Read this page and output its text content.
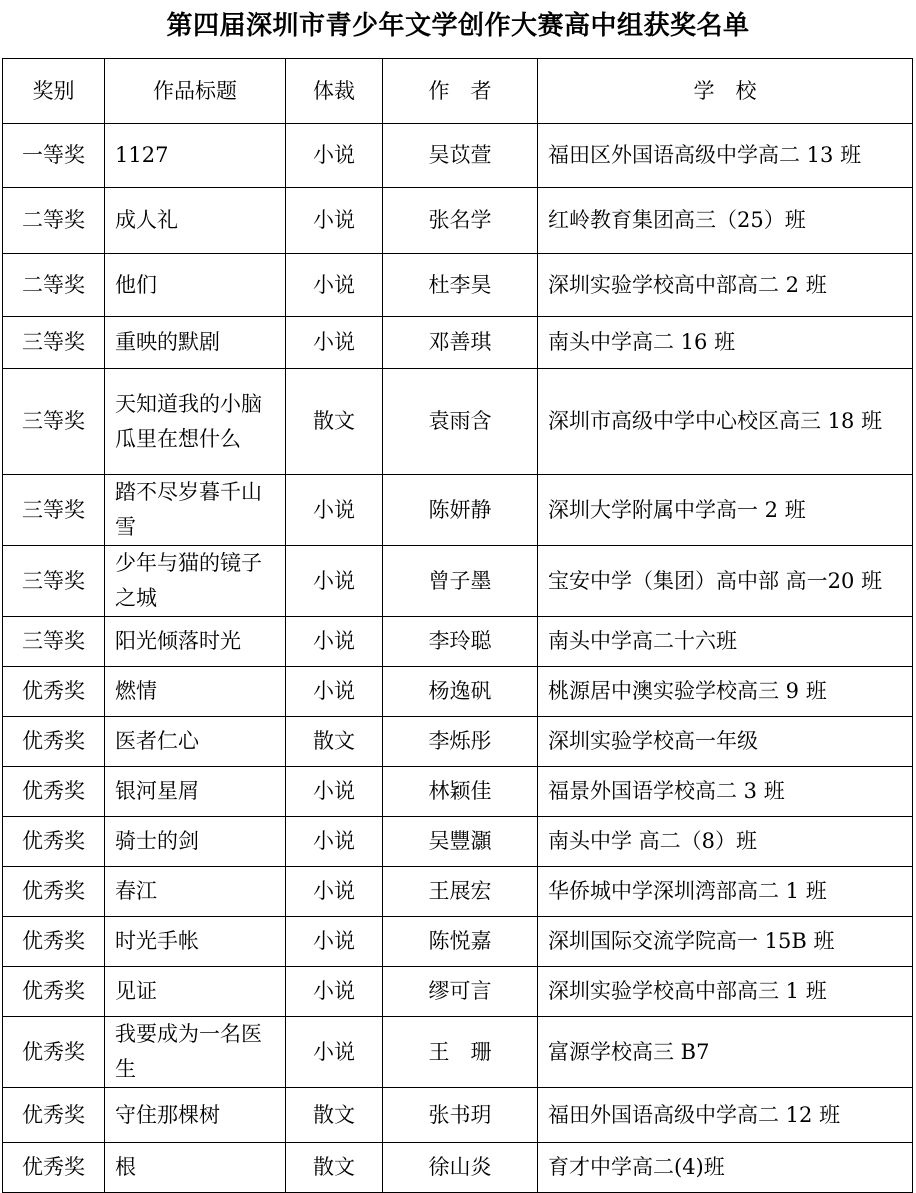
第四届深圳市青少年文学创作大赛高中组获奖名单
奖别	作品标题	体裁	作　者	学　校
一等奖	1127	小说	吴苡萱	福田区外国语高级中学高二 13 班
二等奖	成人礼	小说	张名学	红岭教育集团高三（25）班
二等奖	他们	小说	杜李昊	深圳实验学校高中部高二 2 班
三等奖	重映的默剧	小说	邓善琪	南头中学高二 16 班
三等奖	天知道我的小脑瓜里在想什么	散文	袁雨含	深圳市高级中学中心校区高三 18 班
三等奖	踏不尽岁暮千山雪	小说	陈妍静	深圳大学附属中学高一 2 班
三等奖	少年与猫的镜子之城	小说	曾子墨	宝安中学（集团）高中部 高一20 班
三等奖	阳光倾落时光	小说	李玲聪	南头中学高二十六班
优秀奖	燃情	小说	杨逸矾	桃源居中澳实验学校高三 9 班
优秀奖	医者仁心	散文	李烁彤	深圳实验学校高一年级
优秀奖	银河星屑	小说	林颖佳	福景外国语学校高二 3 班
优秀奖	骑士的剑	小说	吴豐灝	南头中学 高二（8）班
优秀奖	春江	小说	王展宏	华侨城中学深圳湾部高二 1 班
优秀奖	时光手帐	小说	陈悦嘉	深圳国际交流学院高一 15B 班
优秀奖	见证	小说	缪可言	深圳实验学校高中部高三 1 班
优秀奖	我要成为一名医生	小说	王　珊	富源学校高三 B7
优秀奖	守住那棵树	散文	张书玥	福田外国语高级中学高二 12 班
优秀奖	根	散文	徐山炎	育才中学高二(4)班
